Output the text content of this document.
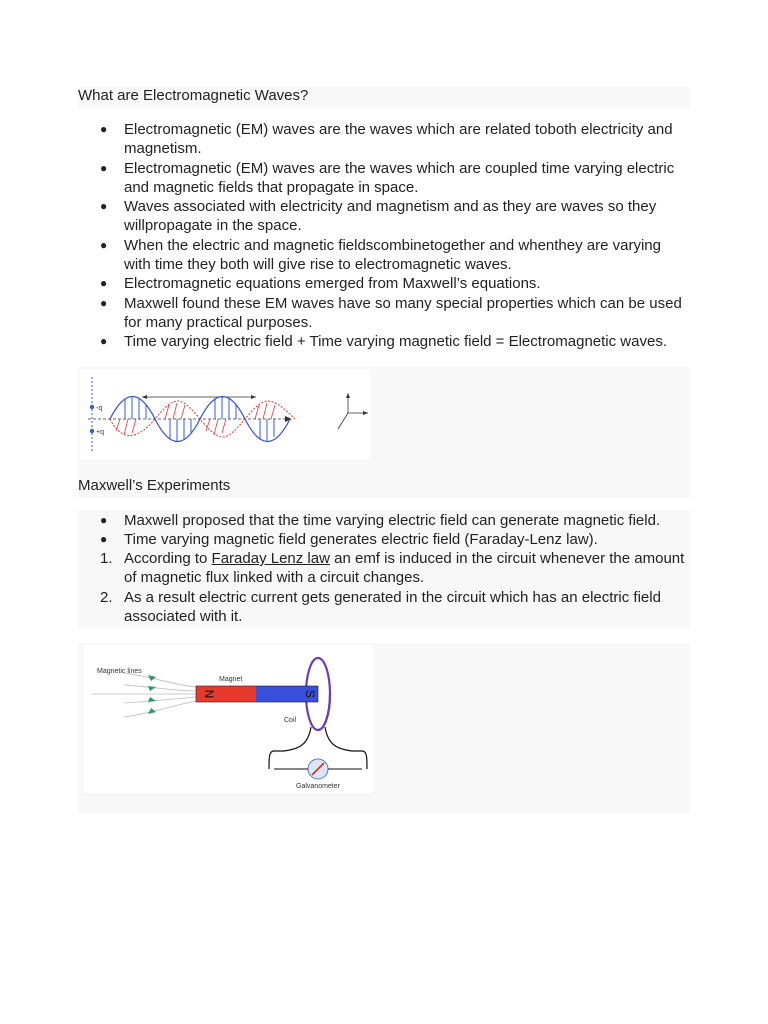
What are Electromagnetic Waves?
● Electromagnetic (EM) waves are the waves which are related toboth electricity and magnetism.
● Electromagnetic (EM) waves are the waves which are coupled time varying electric and magnetic fields that propagate in space.
● Waves associated with electricity and magnetism and as they are waves so they willpropagate in the space.
● When the electric and magnetic fieldscombinetogether and whenthey are varying with time they both will give rise to electromagnetic waves.
● Electromagnetic equations emerged from Maxwell’s equations.
● Maxwell found these EM waves have so many special properties which can be used for many practical purposes.
● Time varying electric field + Time varying magnetic field = Electromagnetic waves.
-q
+q
Maxwell’s Experiments
● Maxwell proposed that the time varying electric field can generate magnetic field.
● Time varying magnetic field generates electric field (Faraday-Lenz law).
1. According to Faraday Lenz law an emf is induced in the circuit whenever the amount of magnetic flux linked with a circuit changes.
2. As a result electric current gets generated in the circuit which has an electric field associated with it.
Magnetic lines
Magnet
N	S
Coil
Galvanometer
